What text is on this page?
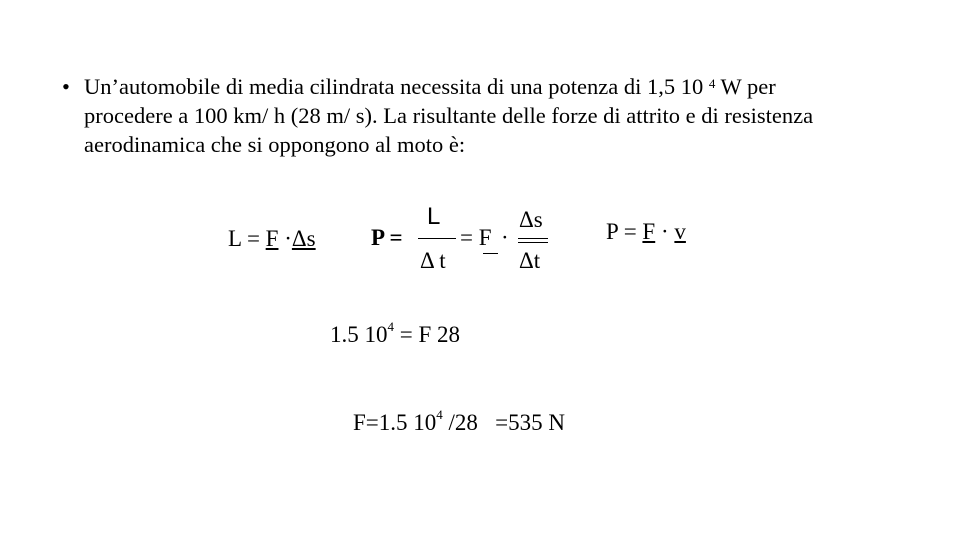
• Un’automobile di media cilindrata necessita di una potenza di 1,5 10 $^4$ W per procedere a 100 km/ h (28 m/ s). La risultante delle forze di attrito e di resistenza aerodinamica che si oppongono al moto è:
L = F ·Δs P =
L
Δ t
= F ·
Δs
Δt
P = F · v
1.5 $10^4 = F$ 28

F=1.5 $10^4$ /28   =535 N
